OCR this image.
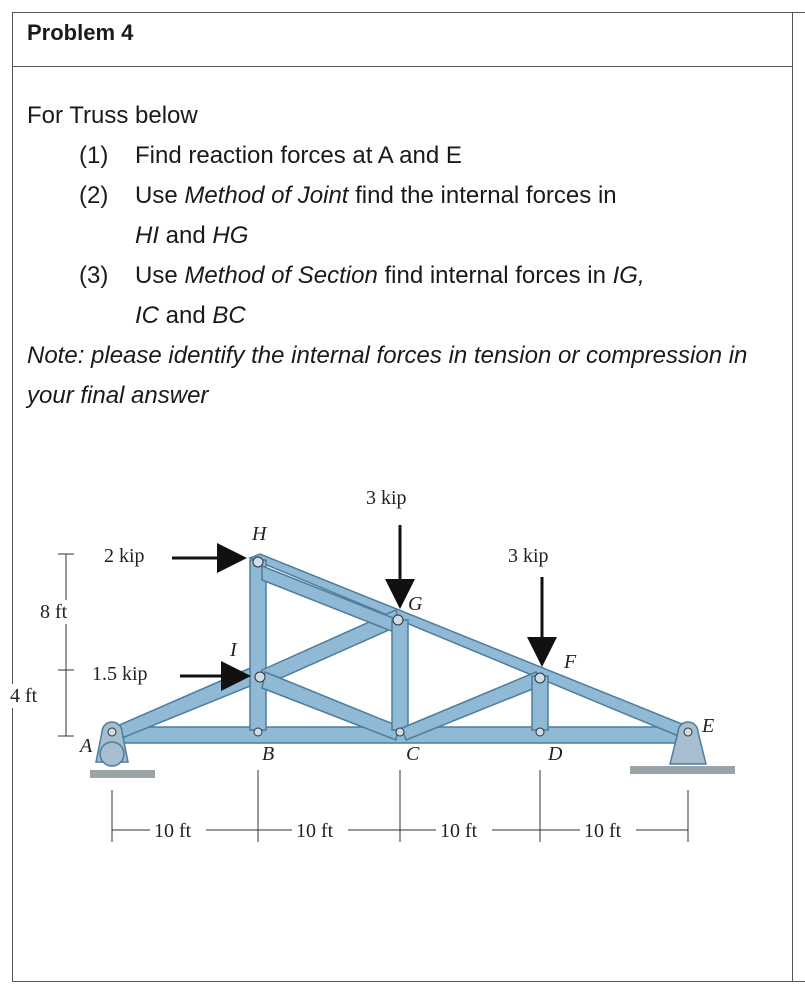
Problem 4

For Truss below

(1) Find reaction forces at A and E
(2) Use Method of Joint find the internal forces in
HI and HG
(3) Use Method of Section find internal forces in IG,
IC and BC

Note: please identify the internal forces in tension or compression in your final answer

3 kip
3 kip
2 kip
1.5 kip
H
I
G
F
E
A	B	C	D
8 ft
4 ft
10 ft	10 ft	10 ft	10 ft
